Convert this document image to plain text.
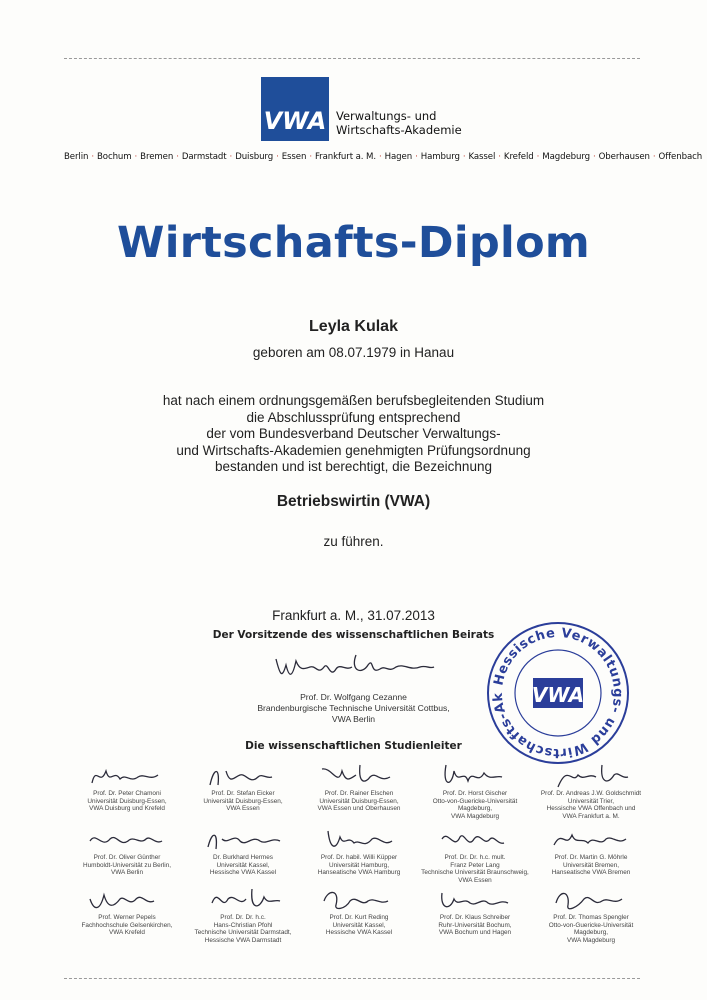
VWA Verwaltungs- und
Wirtschafts-Akademie
Berlin · Bochum · Bremen · Darmstadt · Duisburg · Essen · Frankfurt a. M. · Hagen · Hamburg · Kassel · Krefeld · Magdeburg · Oberhausen · Offenbach
Wirtschafts-Diplom
Leyla Kulak
geboren am 08.07.1979 in Hanau
hat nach einem ordnungsgemäßen berufsbegleitenden Studium
die Abschlussprüfung entsprechend
der vom Bundesverband Deutscher Verwaltungs-
und Wirtschafts-Akademien genehmigten Prüfungsordnung
bestanden und ist berechtigt, die Bezeichnung
Betriebswirtin (VWA)
zu führen.
Frankfurt a. M., 31.07.2013
Der Vorsitzende des wissenschaftlichen Beirats
Prof. Dr. Wolfgang Cezanne
Brandenburgische Technische Universität Cottbus,
VWA Berlin
Hessische Verwaltungs- und Wirtschafts-Ak	VWA
Die wissenschaftlichen Studienleiter
Prof. Dr. Peter Chamoni
Universität Duisburg-Essen,
VWA Duisburg und Krefeld
Prof. Dr. Stefan Eicker
Universität Duisburg-Essen,
VWA Essen
Prof. Dr. Rainer Elschen
Universität Duisburg-Essen,
VWA Essen und Oberhausen
Prof. Dr. Horst Gischer
Otto-von-Guericke-Universität Magdeburg,
VWA Magdeburg
Prof. Dr. Andreas J.W. Goldschmidt
Universität Trier,
Hessische VWA Offenbach und
VWA Frankfurt a. M.
Prof. Dr. Oliver Günther
Humboldt-Universität zu Berlin,
VWA Berlin
Dr. Burkhard Hermes
Universität Kassel,
Hessische VWA Kassel
Prof. Dr. habil. Willi Küpper
Universität Hamburg,
Hanseatische VWA Hamburg
Prof. Dr. Dr. h.c. mult.
Franz Peter Lang
Technische Universität Braunschweig,
VWA Essen
Prof. Dr. Martin G. Möhrle
Universität Bremen,
Hanseatische VWA Bremen
Prof. Werner Pepels
Fachhochschule Gelsenkirchen,
VWA Krefeld
Prof. Dr. Dr. h.c.
Hans-Christian Pfohl
Technische Universität Darmstadt,
Hessische VWA Darmstadt
Prof. Dr. Kurt Reding
Universität Kassel,
Hessische VWA Kassel
Prof. Dr. Klaus Schreiber
Ruhr-Universität Bochum,
VWA Bochum und Hagen
Prof. Dr. Thomas Spengler
Otto-von-Guericke-Universität Magdeburg,
VWA Magdeburg
